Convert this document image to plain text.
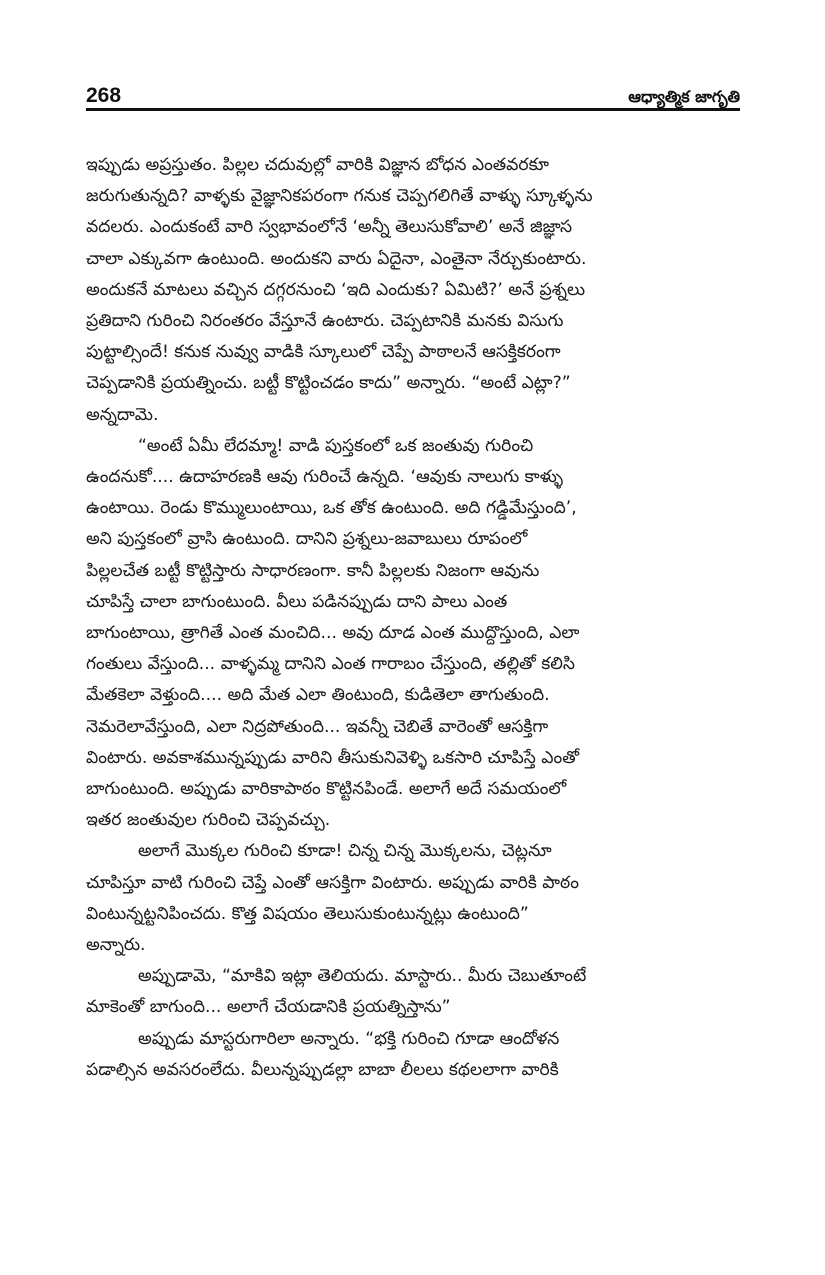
268	ఆధ్యాత్మిక జాగృతి

ఇప్పుడు అప్రస్తుతం. పిల్లల చదువుల్లో వారికి విజ్ఞాన బోధన ఎంతవరకూ
జరుగుతున్నది? వాళ్ళకు వైజ్ఞానికపరంగా గనుక చెప్పగలిగితే వాళ్ళు స్కూళ్ళను
వదలరు. ఎందుకంటే వారి స్వభావంలోనే ‘అన్నీ తెలుసుకోవాలి’ అనే జిజ్ఞాస
చాలా ఎక్కువగా ఉంటుంది. అందుకని వారు ఏదైనా, ఎంతైనా నేర్చుకుంటారు.
అందుకనే మాటలు వచ్చిన దగ్గరనుంచి ‘ఇది ఎందుకు? ఏమిటి?’ అనే ప్రశ్నలు
ప్రతిదాని గురించి నిరంతరం వేస్తూనే ఉంటారు. చెప్పటానికి మనకు విసుగు
పుట్టాల్సిందే! కనుక నువ్వు వాడికి స్కూలులో చెప్పే పాఠాలనే ఆసక్తికరంగా
చెప్పడానికి ప్రయత్నించు. బట్టీ కొట్టించడం కాదు” అన్నారు. “అంటే ఎట్లా?”
అన్నదామె.

“అంటే ఏమీ లేదమ్మా! వాడి పుస్తకంలో ఒక జంతువు గురించి
ఉందనుకో.... ఉదాహరణకి ఆవు గురించే ఉన్నది. ‘ఆవుకు నాలుగు కాళ్ళు
ఉంటాయి. రెండు కొమ్ములుంటాయి, ఒక తోక ఉంటుంది. అది గడ్డిమేస్తుంది’,
అని పుస్తకంలో వ్రాసి ఉంటుంది. దానిని ప్రశ్నలు-జవాబులు రూపంలో
పిల్లలచేత బట్టీ కొట్టిస్తారు సాధారణంగా. కానీ పిల్లలకు నిజంగా ఆవును
చూపిస్తే చాలా బాగుంటుంది. వీలు పడినప్పుడు దాని పాలు ఎంత
బాగుంటాయి, త్రాగితే ఎంత మంచిది... అవు దూడ ఎంత ముద్దొస్తుంది, ఎలా
గంతులు వేస్తుంది... వాళ్ళమ్మ దానిని ఎంత గారాబం చేస్తుంది, తల్లితో కలిసి
మేతకెలా వెళ్తుంది.... అది మేత ఎలా తింటుంది, కుడితెలా తాగుతుంది.
నెమరెలావేస్తుంది, ఎలా నిద్రపోతుంది... ఇవన్నీ చెబితే వారెంతో ఆసక్తిగా
వింటారు. అవకాశమున్నప్పుడు వారిని తీసుకునివెళ్ళి ఒకసారి చూపిస్తే ఎంతో
బాగుంటుంది. అప్పుడు వారికాపాఠం కొట్టినపిండే. అలాగే అదే సమయంలో
ఇతర జంతువుల గురించి చెప్పవచ్చు.

అలాగే మొక్కల గురించి కూడా! చిన్న చిన్న మొక్కలను, చెట్లనూ
చూపిస్తూ వాటి గురించి చెప్తే ఎంతో ఆసక్తిగా వింటారు. అప్పుడు వారికి పాఠం
వింటున్నట్టనిపించదు. కొత్త విషయం తెలుసుకుంటున్నట్లు ఉంటుంది”
అన్నారు.

అప్పుడామె, “మాకివి ఇట్లా తెలియదు. మాస్టారు.. మీరు చెబుతూంటే
మాకెంతో బాగుంది... అలాగే చేయడానికి ప్రయత్నిస్తాను”

అప్పుడు మాస్టరుగారిలా అన్నారు. “భక్తి గురించి గూడా ఆందోళన
పడాల్సిన అవసరంలేదు. వీలున్నప్పుడల్లా బాబా లీలలు కథలలాగా వారికి
